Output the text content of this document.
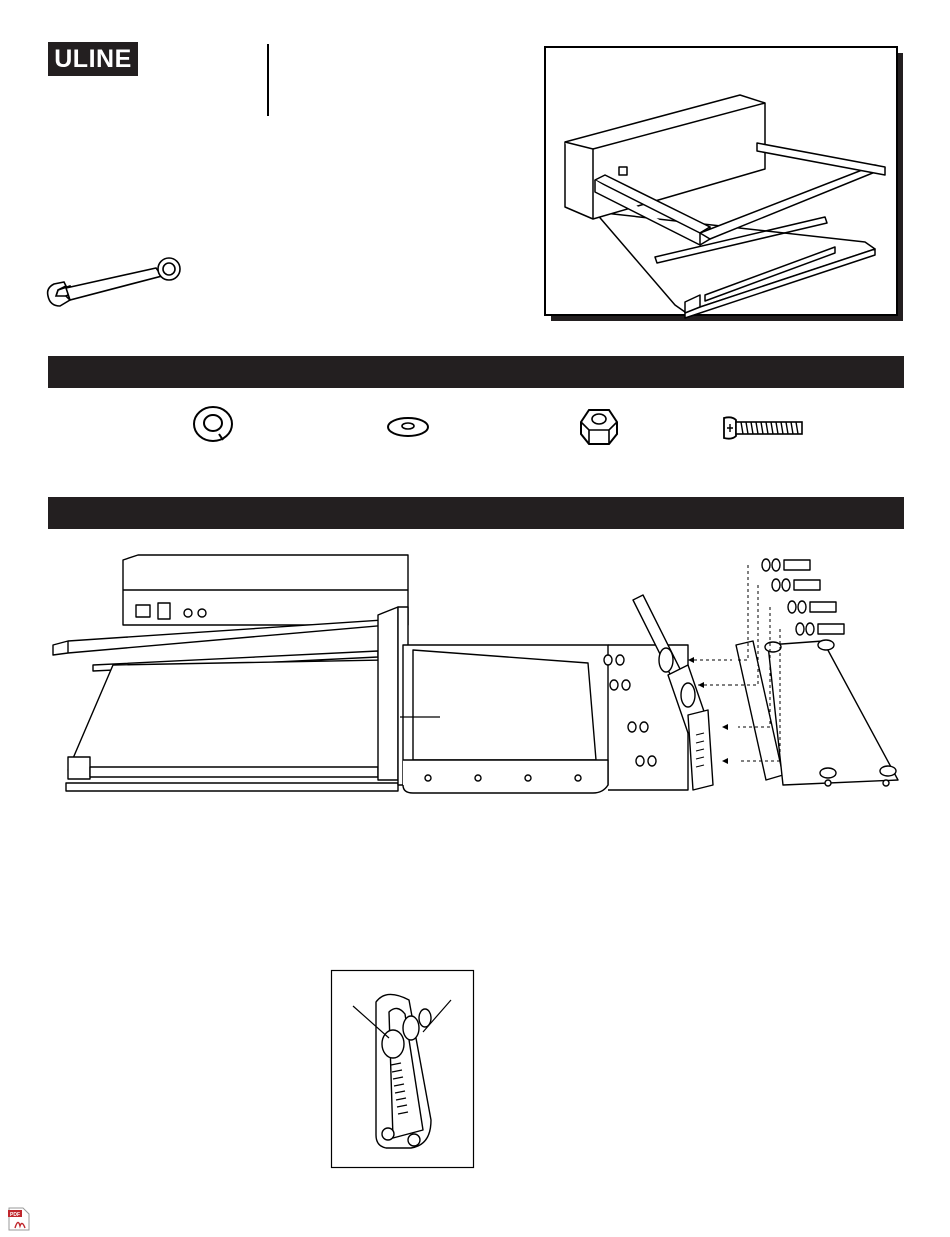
ULINE
PDF
